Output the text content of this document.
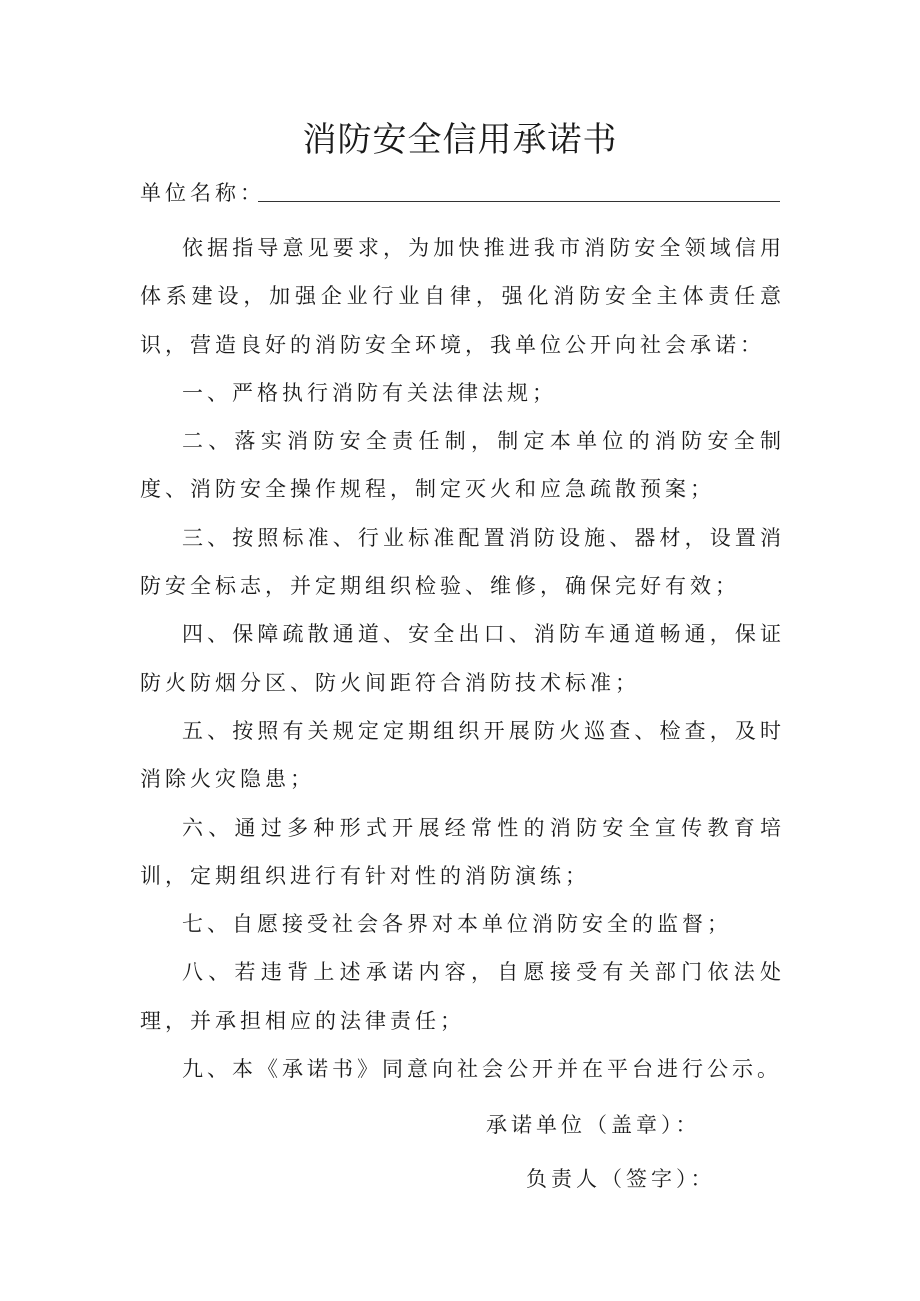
消防安全信用承诺书
单位名称：

依据指导意见要求，为加快推进我市消防安全领域信用体系建设，加强企业行业自律，强化消防安全主体责任意识，营造良好的消防安全环境，我单位公开向社会承诺：

一、严格执行消防有关法律法规；

二、落实消防安全责任制，制定本单位的消防安全制度、消防安全操作规程，制定灭火和应急疏散预案；

三、按照标准、行业标准配置消防设施、器材，设置消防安全标志，并定期组织检验、维修，确保完好有效；

四、保障疏散通道、安全出口、消防车通道畅通，保证防火防烟分区、防火间距符合消防技术标准；

五、按照有关规定定期组织开展防火巡查、检查，及时消除火灾隐患；

六、通过多种形式开展经常性的消防安全宣传教育培训，定期组织进行有针对性的消防演练；

七、自愿接受社会各界对本单位消防安全的监督；

八、若违背上述承诺内容，自愿接受有关部门依法处理，并承担相应的法律责任；

九、本《承诺书》同意向社会公开并在平台进行公示。

承诺单位（盖章）：
负责人（签字）：
